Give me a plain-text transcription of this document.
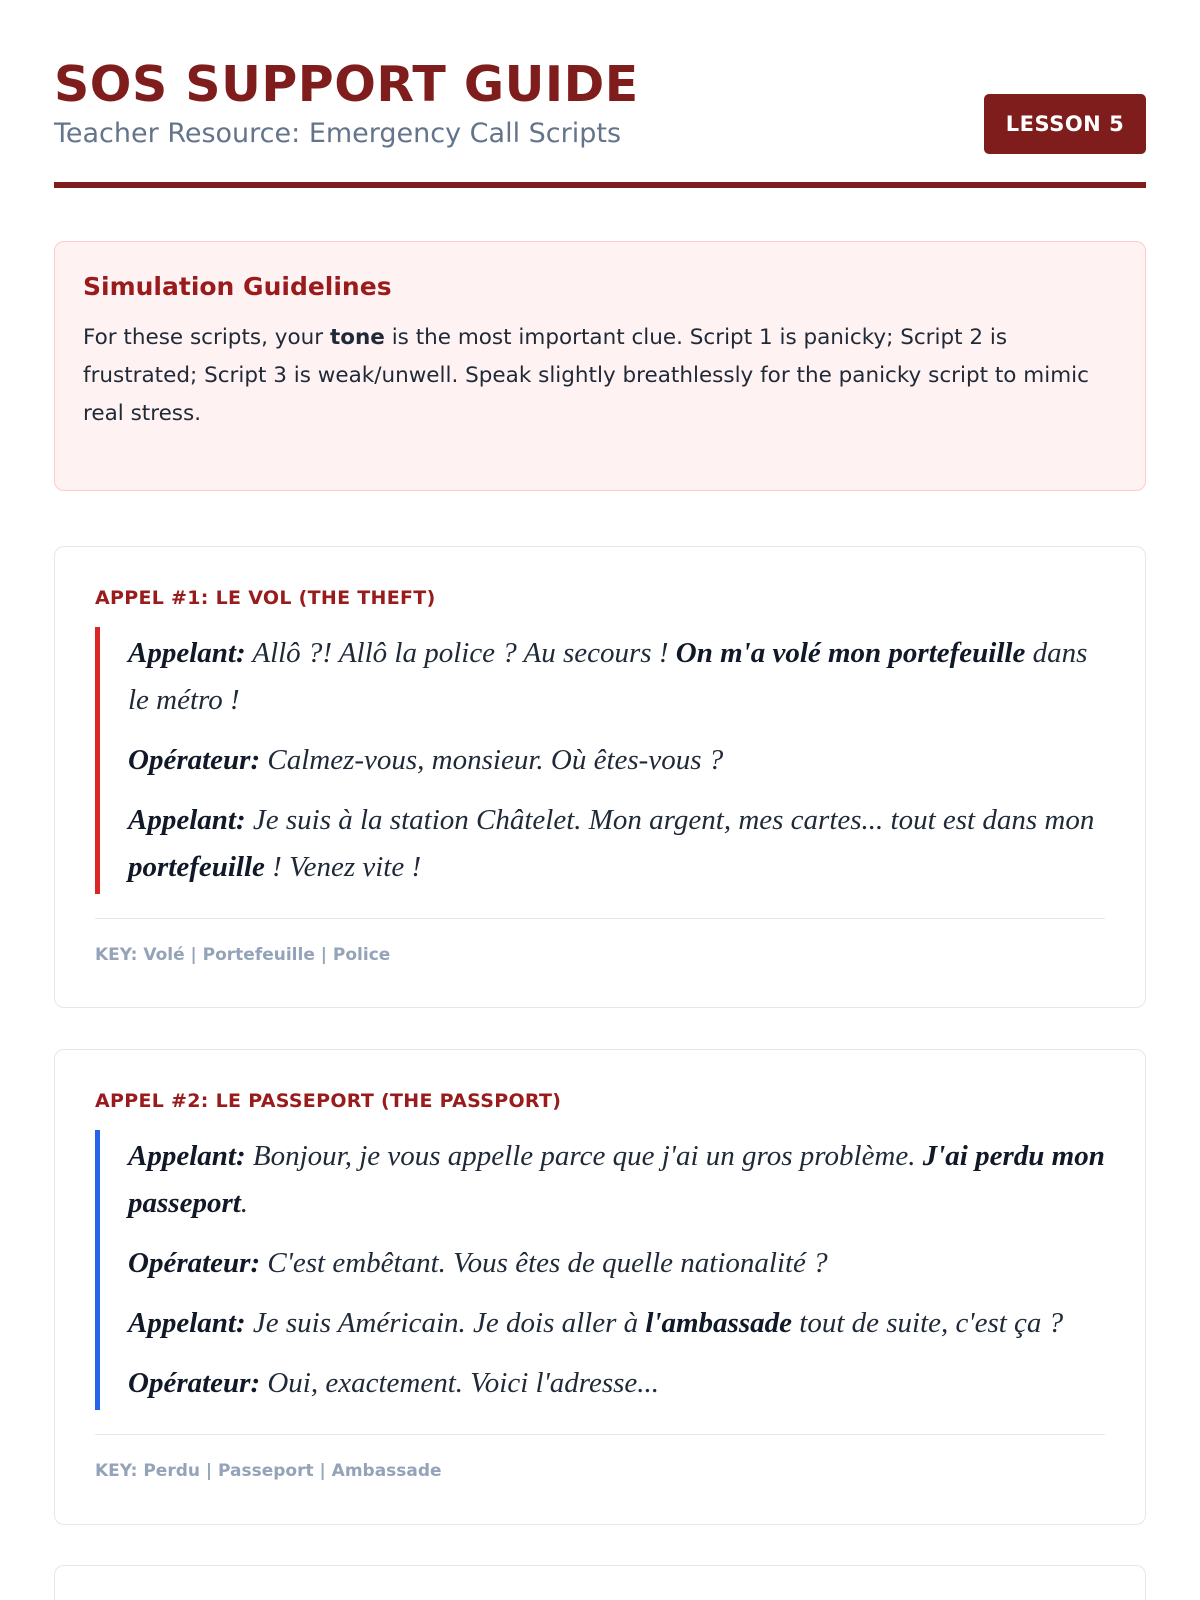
SOS SUPPORT GUIDE
Teacher Resource: Emergency Call Scripts	LESSON 5
Simulation Guidelines

For these scripts, your tone is the most important clue. Script 1 is panicky; Script 2 is frustrated; Script 3 is weak/unwell. Speak slightly breathlessly for the panicky script to mimic real stress.

APPEL #1: LE VOL (THE THEFT)

Appelant: Allô ?! Allô la police ? Au secours ! On m'a volé mon portefeuille dans le métro !

Opérateur: Calmez-vous, monsieur. Où êtes-vous ?

Appelant: Je suis à la station Châtelet. Mon argent, mes cartes... tout est dans mon portefeuille ! Venez vite !

KEY: Volé | Portefeuille | Police
APPEL #2: LE PASSEPORT (THE PASSPORT)

Appelant: Bonjour, je vous appelle parce que j'ai un gros problème. J'ai perdu mon passeport.

Opérateur: C'est embêtant. Vous êtes de quelle nationalité ?

Appelant: Je suis Américain. Je dois aller à l'ambassade tout de suite, c'est ça ?

Opérateur: Oui, exactement. Voici l'adresse...

KEY: Perdu | Passeport | Ambassade
